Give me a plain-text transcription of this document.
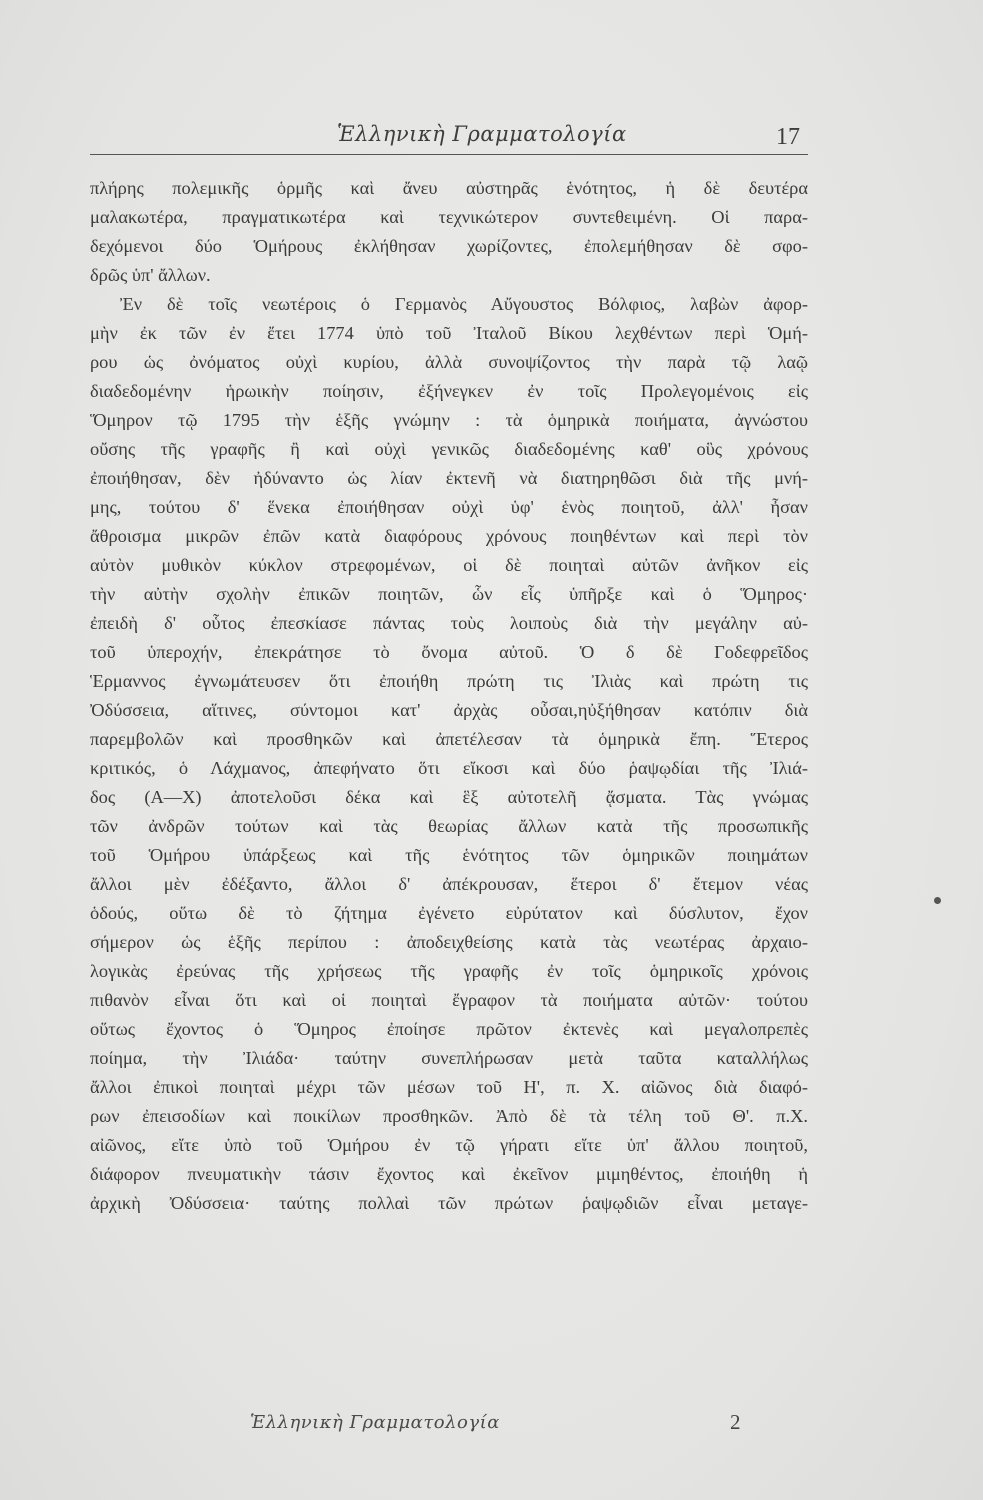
Ἑλληνικὴ Γραμματολογία	17
πλήρης πολεμικῆς ὁρμῆς καὶ ἄνευ αὐστηρᾶς ἑνότητος, ἡ δὲ δευτέρα
μαλακωτέρα, πραγματικωτέρα καὶ τεχνικώτερον συντεθειμένη. Οἱ παρα-
δεχόμενοι δύο Ὁμήρους ἐκλήθησαν χωρίζοντες, ἐπολεμήθησαν δὲ σφο-
δρῶς ὑπ' ἄλλων.
Ἐν δὲ τοῖς νεωτέροις ὁ Γερμανὸς Αὔγουστος Βόλφιος, λαβὼν ἀφορ-
μὴν ἐκ τῶν ἐν ἔτει 1774 ὑπὸ τοῦ Ἰταλοῦ Βίκου λεχθέντων περὶ Ὁμή-
ρου ὡς ὀνόματος οὐχὶ κυρίου, ἀλλὰ συνοψίζοντος τὴν παρὰ τῷ λαῷ
διαδεδομένην ἡρωικὴν ποίησιν, ἐξήνεγκεν ἐν τοῖς Προλεγομένοις εἰς
Ὅμηρον τῷ 1795 τὴν ἑξῆς γνώμην : τὰ ὁμηρικὰ ποιήματα, ἀγνώστου
οὔσης τῆς γραφῆς ἢ καὶ οὐχὶ γενικῶς διαδεδομένης καθ' οὓς χρόνους
ἐποιήθησαν, δὲν ἠδύναντο ὡς λίαν ἐκτενῆ νὰ διατηρηθῶσι διὰ τῆς μνή-
μης, τούτου δ' ἕνεκα ἐποιήθησαν οὐχὶ ὑφ' ἑνὸς ποιητοῦ, ἀλλ' ἦσαν
ἄθροισμα μικρῶν ἐπῶν κατὰ διαφόρους χρόνους ποιηθέντων καὶ περὶ τὸν
αὐτὸν μυθικὸν κύκλον στρεφομένων, οἱ δὲ ποιηταὶ αὐτῶν ἀνῆκον εἰς
τὴν αὐτὴν σχολὴν ἐπικῶν ποιητῶν, ὧν εἷς ὑπῆρξε καὶ ὁ Ὅμηρος·
ἐπειδὴ δ' οὗτος ἐπεσκίασε πάντας τοὺς λοιποὺς διὰ τὴν μεγάλην αὐ-
τοῦ ὑπεροχήν, ἐπεκράτησε τὸ ὄνομα αὐτοῦ. Ὁ δ δὲ Γοδεφρεῖδος
Ἑρμαννος ἐγνωμάτευσεν ὅτι ἐποιήθη πρώτη τις Ἰλιὰς καὶ πρώτη τις
Ὀδύσσεια, αἵτινες, σύντομοι κατ' ἀρχὰς οὖσαι,ηὐξήθησαν κατόπιν διὰ
παρεμβολῶν καὶ προσθηκῶν καὶ ἀπετέλεσαν τὰ ὁμηρικὰ ἔπη. Ἕτερος
κριτικός, ὁ Λάχμανος, ἀπεφήνατο ὅτι εἴκοσι καὶ δύο ῥαψῳδίαι τῆς Ἰλιά-
δος (Α—Χ) ἀποτελοῦσι δέκα καὶ ἓξ αὐτοτελῆ ᾄσματα. Τὰς γνώμας
τῶν ἀνδρῶν τούτων καὶ τὰς θεωρίας ἄλλων κατὰ τῆς προσωπικῆς
τοῦ Ὁμήρου ὑπάρξεως καὶ τῆς ἑνότητος τῶν ὁμηρικῶν ποιημάτων
ἄλλοι μὲν ἐδέξαντο, ἄλλοι δ' ἀπέκρουσαν, ἕτεροι δ' ἔτεμον νέας
ὁδούς, οὕτω δὲ τὸ ζήτημα ἐγένετο εὐρύτατον καὶ δύσλυτον, ἔχον
σήμερον ὡς ἑξῆς περίπου : ἀποδειχθείσης κατὰ τὰς νεωτέρας ἀρχαιο-
λογικὰς ἐρεύνας τῆς χρήσεως τῆς γραφῆς ἐν τοῖς ὁμηρικοῖς χρόνοις
πιθανὸν εἶναι ὅτι καὶ οἱ ποιηταὶ ἔγραφον τὰ ποιήματα αὐτῶν· τούτου
οὕτως ἔχοντος ὁ Ὅμηρος ἐποίησε πρῶτον ἐκτενὲς καὶ μεγαλοπρεπὲς
ποίημα, τὴν Ἰλιάδα· ταύτην συνεπλήρωσαν μετὰ ταῦτα καταλλήλως
ἄλλοι ἐπικοὶ ποιηταὶ μέχρι τῶν μέσων τοῦ Η', π. Χ. αἰῶνος διὰ διαφό-
ρων ἐπεισοδίων καὶ ποικίλων προσθηκῶν. Ἀπὸ δὲ τὰ τέλη τοῦ Θ'. π.Χ.
αἰῶνος, εἴτε ὑπὸ τοῦ Ὁμήρου ἐν τῷ γήρατι εἴτε ὑπ' ἄλλου ποιητοῦ,
διάφορον πνευματικὴν τάσιν ἔχοντος καὶ ἐκεῖνον μιμηθέντος, ἐποιήθη ἡ
ἀρχικὴ Ὀδύσσεια· ταύτης πολλαὶ τῶν πρώτων ῥαψῳδιῶν εἶναι μεταγε-
Ἑλληνικὴ Γραμματολογία	2
